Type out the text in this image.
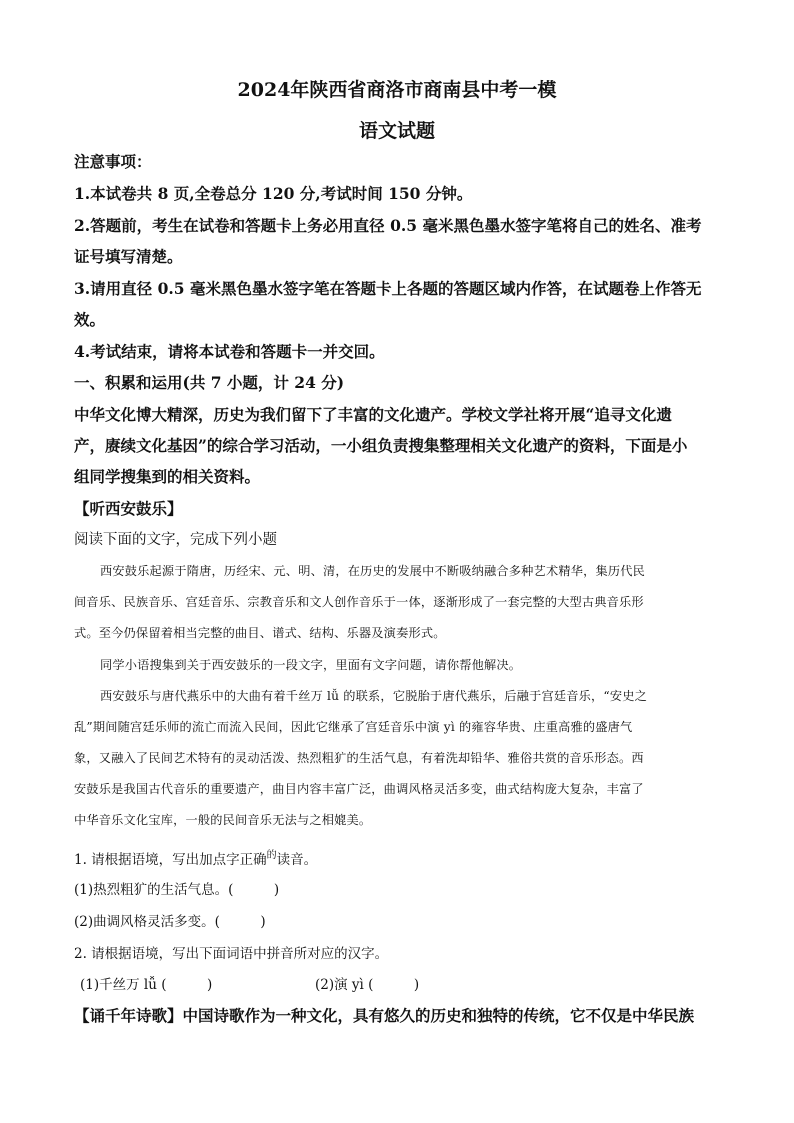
2024年陕西省商洛市商南县中考一模
语文试题
注意事项：
1.本试卷共 8 页,全卷总分 120 分,考试时间 150 分钟。
2.答题前，考生在试卷和答题卡上务必用直径 0.5 毫米黑色墨水签字笔将自己的姓名、准考
证号填写清楚。
3.请用直径 0.5 毫米黑色墨水签字笔在答题卡上各题的答题区域内作答，在试题卷上作答无
效。
4.考试结束，请将本试卷和答题卡一并交回。
一、积累和运用(共 7 小题，计 24 分)
中华文化博大精深，历史为我们留下了丰富的文化遗产。学校文学社将开展“追寻文化遗
产，赓续文化基因”的综合学习活动，一小组负责搜集整理相关文化遗产的资料，下面是小
组同学搜集到的相关资料。
【听西安鼓乐】
阅读下面的文字，完成下列小题
西安鼓乐起源于隋唐，历经宋、元、明、清，在历史的发展中不断吸纳融合多种艺术精华，集历代民
间音乐、民族音乐、宫廷音乐、宗教音乐和文人创作音乐于一体，逐渐形成了一套完整的大型古典音乐形
式。至今仍保留着相当完整的曲目、谱式、结构、乐器及演奏形式。
同学小语搜集到关于西安鼓乐的一段文字，里面有文字问题，请你帮他解决。
西安鼓乐与唐代燕乐中的大曲有着千丝万 lǚ 的联系，它脱胎于唐代燕乐，后融于宫廷音乐，“安史之
乱”期间随宫廷乐师的流亡而流入民间，因此它继承了宫廷音乐中演 yì 的雍容华贵、庄重高雅的盛唐气
象，又融入了民间艺术特有的灵动活泼、热烈粗犷的生活气息，有着洗却铅华、雅俗共赏的音乐形态。西
安鼓乐是我国古代音乐的重要遗产，曲目内容丰富广泛，曲调风格灵活多变，曲式结构庞大复杂，丰富了
中华音乐文化宝库，一般的民间音乐无法与之相媲美。
1. 请根据语境，写出加点字正确$^的$读音。
(1)热烈粗犷的生活气息。(　　　)
(2)曲调风格灵活多变。(　　　)
2. 请根据语境，写出下面词语中拼音所对应的汉字。
(1)千丝万 lǚ (　　　)	(2)演 yì (　　　)
【诵千年诗歌】中国诗歌作为一种文化，具有悠久的历史和独特的传统，它不仅是中华民族
